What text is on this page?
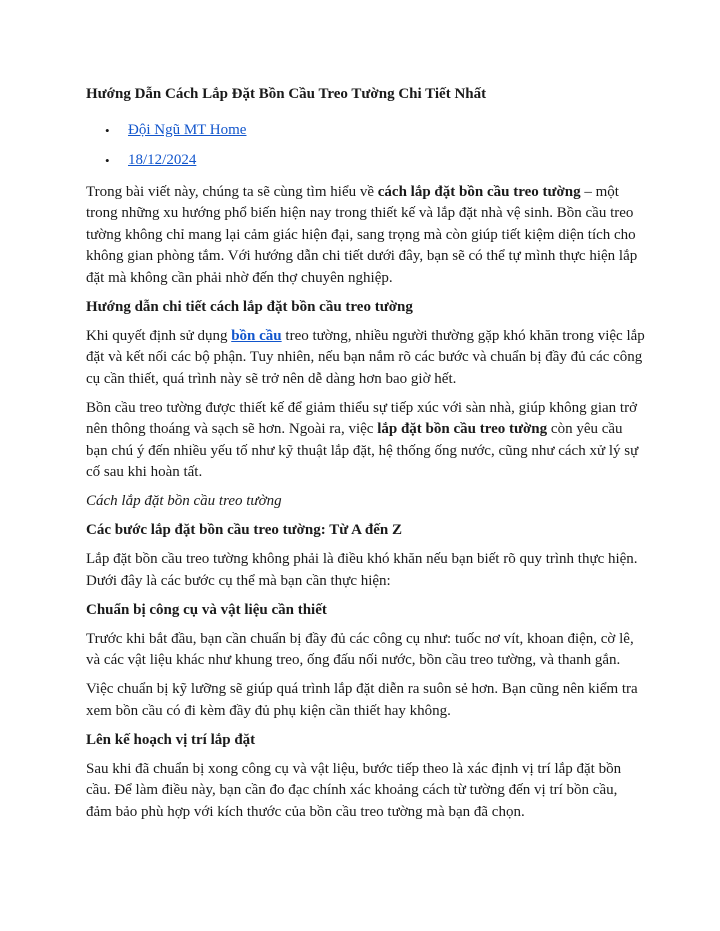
Hướng Dẫn Cách Lắp Đặt Bồn Cầu Treo Tường Chi Tiết Nhất

• Đội Ngũ MT Home
• 18/12/2024

Trong bài viết này, chúng ta sẽ cùng tìm hiểu về cách lắp đặt bồn cầu treo tường – một trong những xu hướng phổ biến hiện nay trong thiết kế và lắp đặt nhà vệ sinh. Bồn cầu treo tường không chỉ mang lại cảm giác hiện đại, sang trọng mà còn giúp tiết kiệm diện tích cho không gian phòng tắm. Với hướng dẫn chi tiết dưới đây, bạn sẽ có thể tự mình thực hiện lắp đặt mà không cần phải nhờ đến thợ chuyên nghiệp.

Hướng dẫn chi tiết cách lắp đặt bồn cầu treo tường

Khi quyết định sử dụng bồn cầu treo tường, nhiều người thường gặp khó khăn trong việc lắp đặt và kết nối các bộ phận. Tuy nhiên, nếu bạn nắm rõ các bước và chuẩn bị đầy đủ các công cụ cần thiết, quá trình này sẽ trở nên dễ dàng hơn bao giờ hết.

Bồn cầu treo tường được thiết kế để giảm thiểu sự tiếp xúc với sàn nhà, giúp không gian trở nên thông thoáng và sạch sẽ hơn. Ngoài ra, việc lắp đặt bồn cầu treo tường còn yêu cầu bạn chú ý đến nhiều yếu tố như kỹ thuật lắp đặt, hệ thống ống nước, cũng như cách xử lý sự cố sau khi hoàn tất.

Cách lắp đặt bồn cầu treo tường

Các bước lắp đặt bồn cầu treo tường: Từ A đến Z

Lắp đặt bồn cầu treo tường không phải là điều khó khăn nếu bạn biết rõ quy trình thực hiện. Dưới đây là các bước cụ thể mà bạn cần thực hiện:

Chuẩn bị công cụ và vật liệu cần thiết

Trước khi bắt đầu, bạn cần chuẩn bị đầy đủ các công cụ như: tuốc nơ vít, khoan điện, cờ lê, và các vật liệu khác như khung treo, ống đấu nối nước, bồn cầu treo tường, và thanh gắn.

Việc chuẩn bị kỹ lưỡng sẽ giúp quá trình lắp đặt diễn ra suôn sẻ hơn. Bạn cũng nên kiểm tra xem bồn cầu có đi kèm đầy đủ phụ kiện cần thiết hay không.

Lên kế hoạch vị trí lắp đặt

Sau khi đã chuẩn bị xong công cụ và vật liệu, bước tiếp theo là xác định vị trí lắp đặt bồn cầu. Để làm điều này, bạn cần đo đạc chính xác khoảng cách từ tường đến vị trí bồn cầu, đảm bảo phù hợp với kích thước của bồn cầu treo tường mà bạn đã chọn.
